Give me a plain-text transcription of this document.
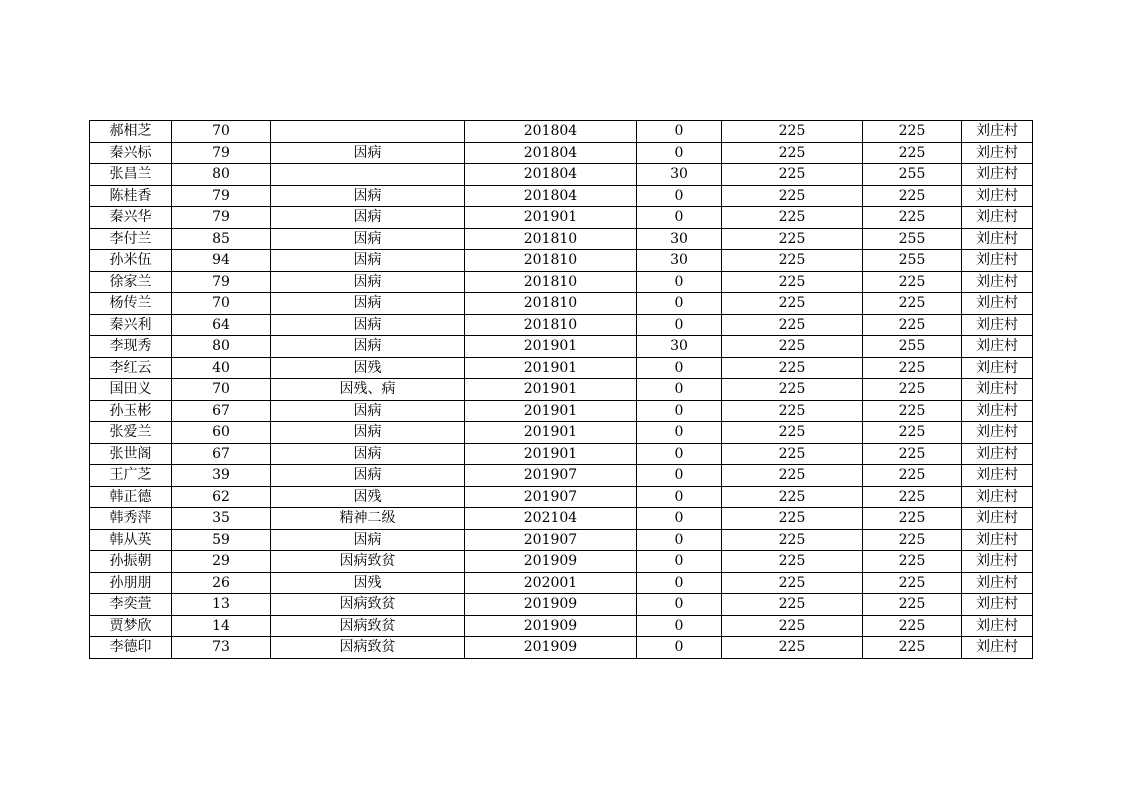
郝相芝	70		201804	0	225	225	刘庄村
秦兴标	79	因病	201804	0	225	225	刘庄村
张昌兰	80		201804	30	225	255	刘庄村
陈桂香	79	因病	201804	0	225	225	刘庄村
秦兴华	79	因病	201901	0	225	225	刘庄村
李付兰	85	因病	201810	30	225	255	刘庄村
孙米伍	94	因病	201810	30	225	255	刘庄村
徐家兰	79	因病	201810	0	225	225	刘庄村
杨传兰	70	因病	201810	0	225	225	刘庄村
秦兴利	64	因病	201810	0	225	225	刘庄村
李现秀	80	因病	201901	30	225	255	刘庄村
李红云	40	因残	201901	0	225	225	刘庄村
国田义	70	因残、病	201901	0	225	225	刘庄村
孙玉彬	67	因病	201901	0	225	225	刘庄村
张爱兰	60	因病	201901	0	225	225	刘庄村
张世阁	67	因病	201901	0	225	225	刘庄村
王广芝	39	因病	201907	0	225	225	刘庄村
韩正德	62	因残	201907	0	225	225	刘庄村
韩秀萍	35	精神二级	202104	0	225	225	刘庄村
韩从英	59	因病	201907	0	225	225	刘庄村
孙振朝	29	因病致贫	201909	0	225	225	刘庄村
孙朋朋	26	因残	202001	0	225	225	刘庄村
李奕萱	13	因病致贫	201909	0	225	225	刘庄村
贾梦欣	14	因病致贫	201909	0	225	225	刘庄村
李德印	73	因病致贫	201909	0	225	225	刘庄村
